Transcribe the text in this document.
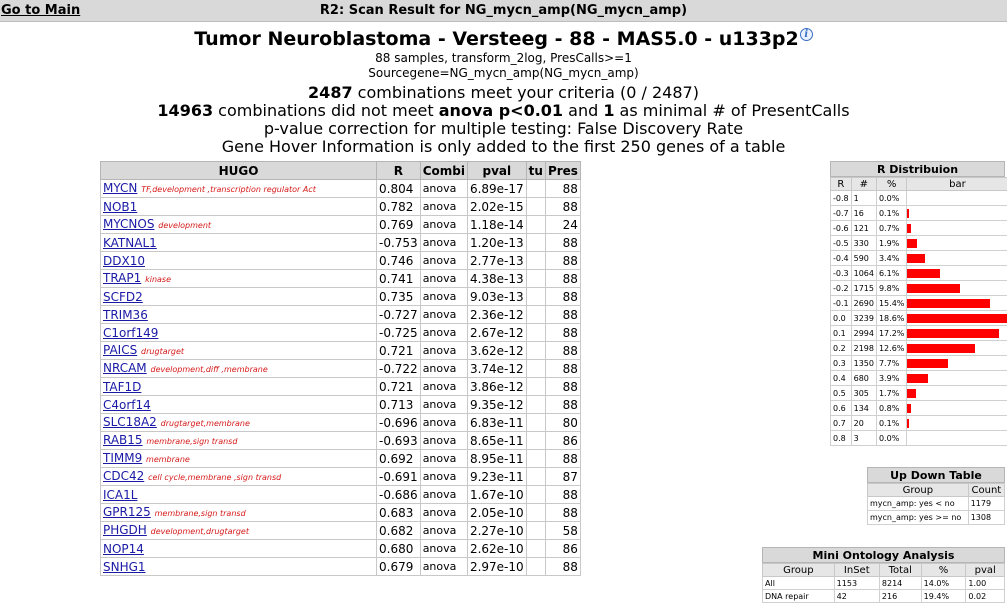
Go to Main	R2: Scan Result for NG_mycn_amp(NG_mycn_amp)
Tumor Neuroblastoma - Versteeg - 88 - MAS5.0 - u133p2 i
88 samples, transform_2log, PresCalls>=1
Sourcegene=NG_mycn_amp(NG_mycn_amp)
2487 combinations meet your criteria (0 / 2487)
14963 combinations did not meet anova p<0.01 and 1 as minimal # of PresentCalls
p-value correction for multiple testing: False Discovery Rate
Gene Hover Information is only added to the first 250 genes of a table
HUGO	R	Combi	pval	tu	Pres
MYCN TF,development ,transcription regulator Act	0.804	anova	6.89e-17		88
NOB1	0.782	anova	2.02e-15		88
MYCNOS development	0.769	anova	1.18e-14		24
KATNAL1	-0.753	anova	1.20e-13		88
DDX10	0.746	anova	2.77e-13		88
TRAP1 kinase	0.741	anova	4.38e-13		88
SCFD2	0.735	anova	9.03e-13		88
TRIM36	-0.727	anova	2.36e-12		88
C1orf149	-0.725	anova	2.67e-12		88
PAICS drugtarget	0.721	anova	3.62e-12		88
NRCAM development,diff ,membrane	-0.722	anova	3.74e-12		88
TAF1D	0.721	anova	3.86e-12		88
C4orf14	0.713	anova	9.35e-12		88
SLC18A2 drugtarget,membrane	-0.696	anova	6.83e-11		80
RAB15 membrane,sign transd	-0.693	anova	8.65e-11		86
TIMM9 membrane	0.692	anova	8.95e-11		88
CDC42 cell cycle,membrane ,sign transd	-0.691	anova	9.23e-11		87
ICA1L	-0.686	anova	1.67e-10		88
GPR125 membrane,sign transd	0.683	anova	2.05e-10		88
PHGDH development,drugtarget	0.682	anova	2.27e-10		58
NOP14	0.680	anova	2.62e-10		86
SNHG1	0.679	anova	2.97e-10		88
R Distribuion
R	#	%	bar
-0.8	1	0.0%	

-0.7	16	0.1%	

-0.6	121	0.7%	

-0.5	330	1.9%	

-0.4	590	3.4%	

-0.3	1064	6.1%	

-0.2	1715	9.8%	

-0.1	2690	15.4%	

0.0	3239	18.6%	

0.1	2994	17.2%	

0.2	2198	12.6%	

0.3	1350	7.7%	

0.4	680	3.9%	

0.5	305	1.7%	

0.6	134	0.8%	

0.7	20	0.1%	

0.8	3	0.0%	
Up Down Table
Group	Count
mycn_amp: yes < no	1179
mycn_amp: yes >= no	1308
Mini Ontology Analysis
Group	InSet	Total	%	pval
All	1153	8214	14.0%	1.00
DNA repair	42	216	19.4%	0.02
